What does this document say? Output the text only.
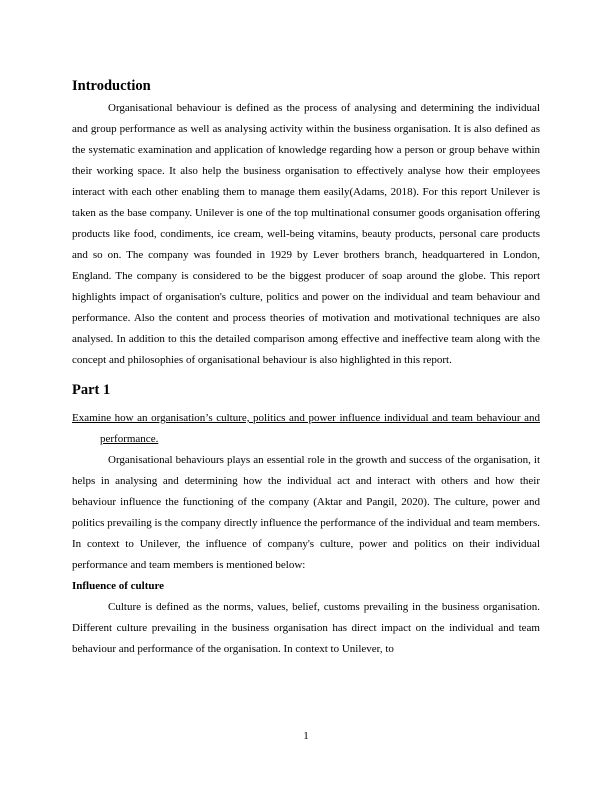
Introduction

Organisational behaviour is defined as the process of analysing and determining the individual and group performance as well as analysing activity within the business organisation. It is also defined as the systematic examination and application of knowledge regarding how a person or group behave within their working space. It also help the business organisation to effectively analyse how their employees interact with each other enabling them to manage them easily(Adams, 2018). For this report Unilever is taken as the base company. Unilever is one of the top multinational consumer goods organisation offering products like food, condiments, ice cream, well-being vitamins, beauty products, personal care products and so on. The company was founded in 1929 by Lever brothers branch, headquartered in London, England. The company is considered to be the biggest producer of soap around the globe. This report highlights impact of organisation's culture, politics and power on the individual and team behaviour and performance. Also the content and process theories of motivation and motivational techniques are also analysed. In addition to this the detailed comparison among effective and ineffective team along with the concept and philosophies of organisational behaviour is also highlighted in this report.

Part 1

Examine how an organisation’s culture, politics and power influence individual and team behaviour and performance.

Organisational behaviours plays an essential role in the growth and success of the organisation, it helps in analysing and determining how the individual act and interact with others and how their behaviour influence the functioning of the company (Aktar and Pangil, 2020). The culture, power and politics prevailing is the company directly influence the performance of the individual and team members. In context to Unilever, the influence of company's culture, power and politics on their individual performance and team members is mentioned below:

Influence of culture

Culture is defined as the norms, values, belief, customs prevailing in the business organisation. Different culture prevailing in the business organisation has direct impact on the individual and team behaviour and performance of the organisation. In context to Unilever, to

1
